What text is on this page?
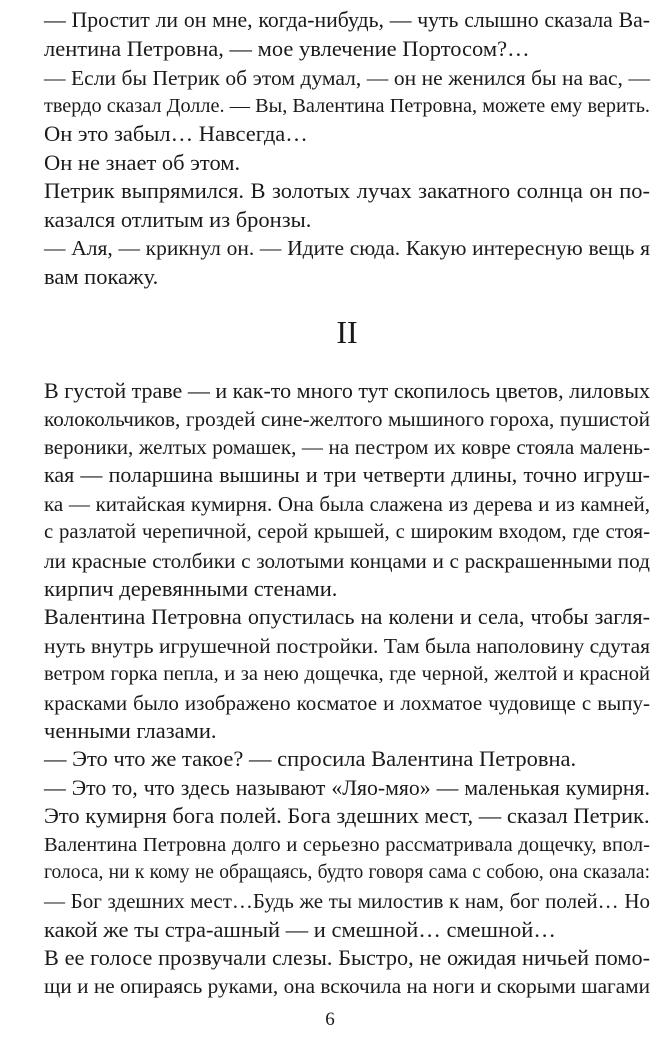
— Простит ли он мне, когда-нибудь, — чуть слышно сказала Ва-
лентина Петровна, — мое увлечение Портосом?…
— Если бы Петрик об этом думал, — он не женился бы на вас, —
твердо сказал Долле. — Вы, Валентина Петровна, можете ему верить.
Он это забыл… Навсегда…
Он не знает об этом.
Петрик выпрямился. В золотых лучах закатного солнца он по-
казался отлитым из бронзы.
— Аля, — крикнул он. — Идите сюда. Какую интересную вещь я
вам покажу.
II
В густой траве — и как-то много тут скопилось цветов, лиловых
колокольчиков, гроздей сине-желтого мышиного гороха, пушистой
вероники, желтых ромашек, — на пестром их ковре стояла малень-
кая — поларшина вышины и три четверти длины, точно игруш-
ка — китайская кумирня. Она была слажена из дерева и из камней,
с разлатой черепичной, серой крышей, с широким входом, где стоя-
ли красные столбики с золотыми концами и с раскрашенными под
кирпич деревянными стенами.
Валентина Петровна опустилась на колени и села, чтобы загля-
нуть внутрь игрушечной постройки. Там была наполовину сдутая
ветром горка пепла, и за нею дощечка, где черной, желтой и красной
красками было изображено косматое и лохматое чудовище с выпу-
ченными глазами.
— Это что же такое? — спросила Валентина Петровна.
— Это то, что здесь называют «Ляо-мяо» — маленькая кумирня.
Это кумирня бога полей. Бога здешних мест, — сказал Петрик.
Валентина Петровна долго и серьезно рассматривала дощечку, впол-
голоса, ни к кому не обращаясь, будто говоря сама с собою, она сказала:
— Бог здешних мест…Будь же ты милостив к нам, бог полей… Но
какой же ты стра-ашный — и смешной… смешной…
В ее голосе прозвучали слезы. Быстро, не ожидая ничьей помо-
щи и не опираясь руками, она вскочила на ноги и скорыми шагами
6
